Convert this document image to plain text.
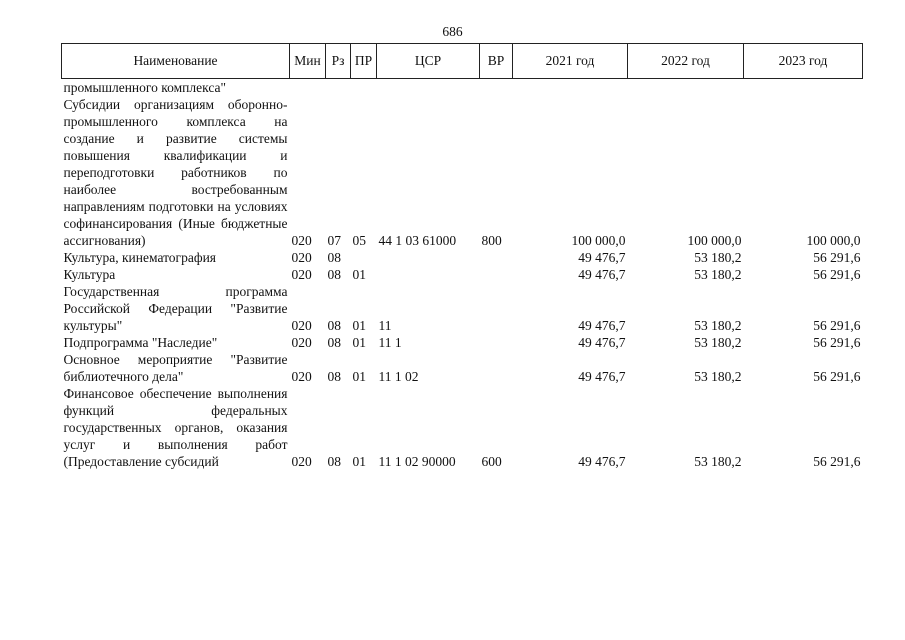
686
Наименование	Мин	Рз	ПР	ЦСР	ВР	2021 год	2022 год	2023 год
промышленного комплекса"								
Субсидии организациям оборонно-промышленного комплекса на создание и развитие системы повышения квалификации и переподготовки работников по наиболее востребованным направлениям подготовки на условиях софинансирования (Иные бюджетные ассигнования)	020	07	05	44 1 03 61000	800	100 000,0	100 000,0	100 000,0
Культура, кинематография	020	08				49 476,7	53 180,2	56 291,6
Культура	020	08	01			49 476,7	53 180,2	56 291,6
Государственная программа Российской Федерации "Развитие культуры"	020	08	01	11		49 476,7	53 180,2	56 291,6
Подпрограмма "Наследие"	020	08	01	11 1		49 476,7	53 180,2	56 291,6
Основное мероприятие "Развитие библиотечного дела"	020	08	01	11 1 02		49 476,7	53 180,2	56 291,6
Финансовое обеспечение выполнения функций федеральных государственных органов, оказания услуг и выполнения работ (Предоставление субсидий	020	08	01	11 1 02 90000	600	49 476,7	53 180,2	56 291,6
